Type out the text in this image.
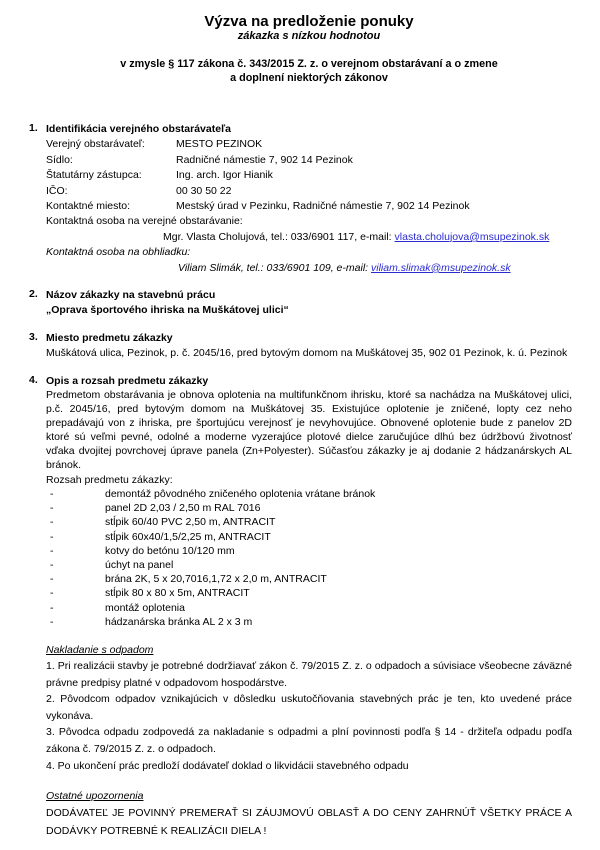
Výzva na predloženie ponuky
zákazka s nízkou hodnotou
v zmysle § 117 zákona č. 343/2015 Z. z. o verejnom obstarávaní a o zmene
a doplnení niektorých zákonov
1. Identifikácia verejného obstarávateľa
Verejný obstarávateľ:	MESTO PEZINOK
Sídlo:	Radničné námestie 7, 902 14 Pezinok
Štatutárny zástupca:	Ing. arch. Igor Hianik
IČO:	00 30 50 22
Kontaktné miesto:	Mestský úrad v Pezinku, Radničné námestie 7, 902 14 Pezinok
Kontaktná osoba na verejné obstarávanie:
Mgr. Vlasta Cholujová, tel.: 033/6901 117, e-mail: vlasta.cholujova@msupezinok.sk
Kontaktná osoba na obhliadku:
Viliam Slimák, tel.: 033/6901 109, e-mail: viliam.slimak@msupezinok.sk
2. Názov zákazky na stavebnú prácu
„Oprava športového ihriska na Muškátovej ulici“
3. Miesto predmetu zákazky
Muškátová ulica, Pezinok, p. č. 2045/16, pred bytovým domom na Muškátovej 35, 902 01 Pezinok, k. ú. Pezinok
4. Opis a rozsah predmetu zákazky
Predmetom obstarávania je obnova oplotenia na multifunkčnom ihrisku, ktoré sa nachádza na Muškátovej ulici, p.č. 2045/16, pred bytovým domom na Muškátovej 35. Existujúce oplotenie je zničené, lopty cez neho prepadávajú von z ihriska, pre športujúcu verejnosť je nevyhovujúce. Obnovené oplotenie bude z panelov 2D ktoré sú veľmi pevné, odolné a moderne vyzerajúce plotové dielce zaručujúce dlhú bez údržbovú životnosť vďaka dvojitej povrchovej úprave panela (Zn+Polyester). Súčasťou zákazky je aj dodanie 2 hádzanárskych AL bránok.
Rozsah predmetu zákazky:
-	demontáž pôvodného zničeného oplotenia vrátane bránok
-	panel 2D 2,03 / 2,50 m RAL 7016
-	stĺpik 60/40 PVC 2,50 m, ANTRACIT
-	stĺpik 60x40/1,5/2,25 m, ANTRACIT
-	kotvy do betónu 10/120 mm
-	úchyt na panel
-	brána 2K, 5 x 20,7016,1,72 x 2,0 m, ANTRACIT
-	stĺpik 80 x 80 x 5m, ANTRACIT
-	montáž oplotenia
-	hádzanárska bránka AL 2 x 3 m
Nakladanie s odpadom

1. Pri realizácii stavby je potrebné dodržiavať zákon č. 79/2015 Z. z. o odpadoch a súvisiace všeobecne záväzné právne predpisy platné v odpadovom hospodárstve.

2. Pôvodcom odpadov vznikajúcich v dôsledku uskutočňovania stavebných prác je ten, kto uvedené práce vykonáva.

3. Pôvodca odpadu zodpovedá za nakladanie s odpadmi a plní povinnosti podľa § 14 - držiteľa odpadu podľa zákona č. 79/2015 Z. z. o odpadoch.

4. Po ukončení prác predloží dodávateľ doklad o likvidácii stavebného odpadu

Ostatné upozornenia
DODÁVATEĽ JE POVINNÝ PREMERAŤ SI ZÁUJMOVÚ OBLASŤ A DO CENY ZAHRNÚŤ VŠETKY PRÁCE A DODÁVKY POTREBNÉ K REALIZÁCII DIELA !
